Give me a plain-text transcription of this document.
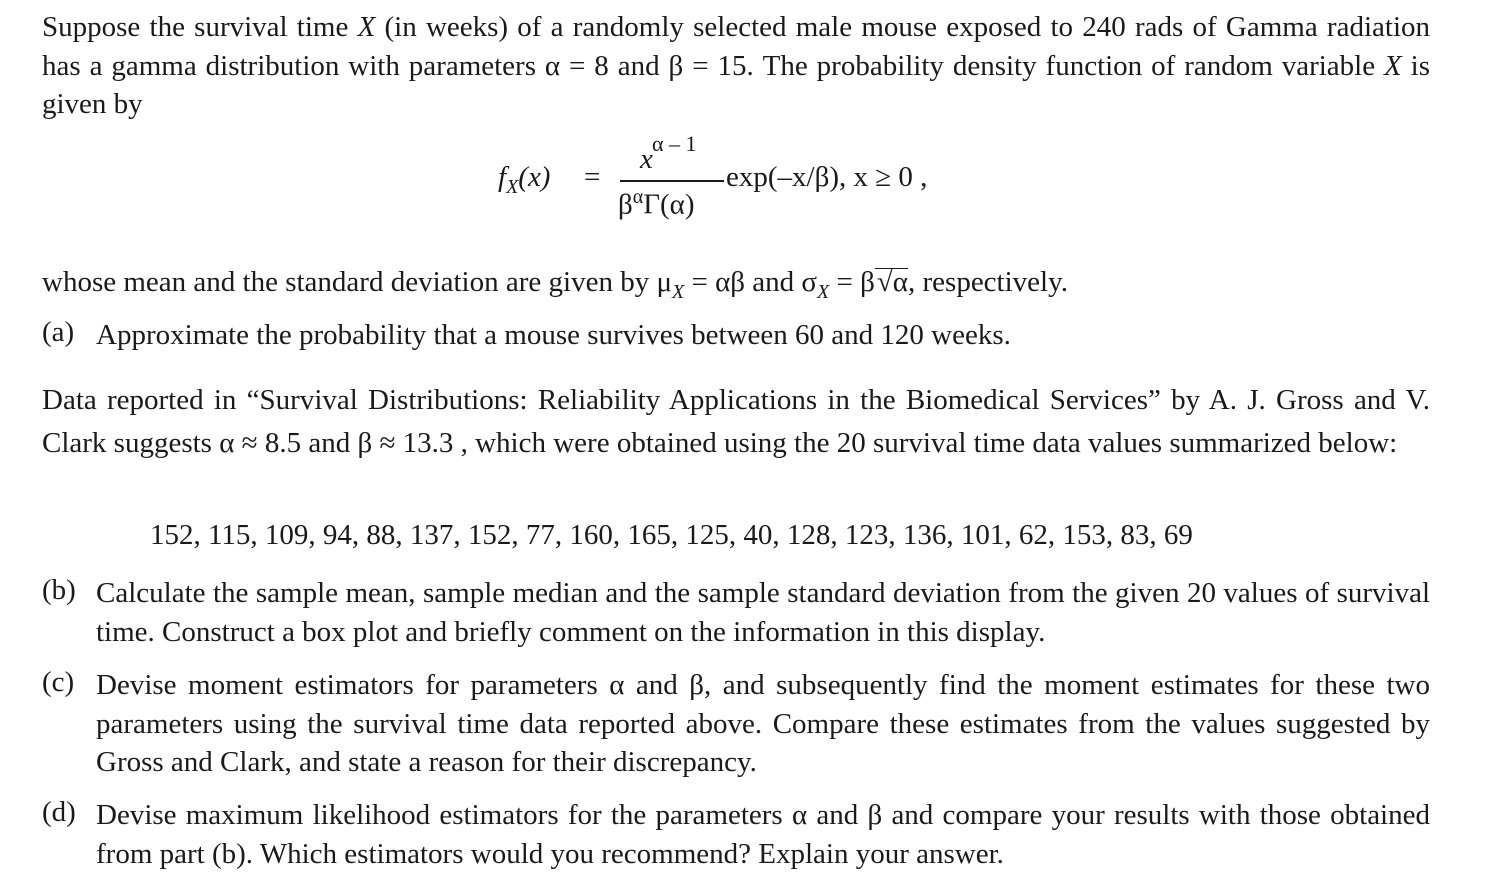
Suppose the survival time X (in weeks) of a randomly selected male mouse exposed to 240 rads of Gamma radiation has a gamma distribution with parameters α = 8 and β = 15. The probability density function of random variable X is given by

$f_X(x)$ =
α – 1
x
$\beta^\alpha\Gamma(\alpha)$
exp(–x/β), x ≥ 0 ,
whose mean and the standard deviation are given by $\mu_X = \alpha\beta$ and $\sigma_X = \beta√\alpha$, respectively.
(a) Approximate the probability that a mouse survives between 60 and 120 weeks.

Data reported in “Survival Distributions: Reliability Applications in the Biomedical Services” by A. J. Gross and V. Clark suggests α ≈ 8.5 and β ≈ 13.3 , which were obtained using the 20 survival time data values summarized below:

152, 115, 109, 94, 88, 137, 152, 77, 160, 165, 125, 40, 128, 123, 136, 101, 62, 153, 83, 69
(b) Calculate the sample mean, sample median and the sample standard deviation from the given 20 values of survival time. Construct a box plot and briefly comment on the information in this display.
(c) Devise moment estimators for parameters α and β, and subsequently find the moment estimates for these two parameters using the survival time data reported above. Compare these estimates from the values suggested by Gross and Clark, and state a reason for their discrepancy.
(d) Devise maximum likelihood estimators for the parameters α and β and compare your results with those obtained from part (b). Which estimators would you recommend? Explain your answer.
